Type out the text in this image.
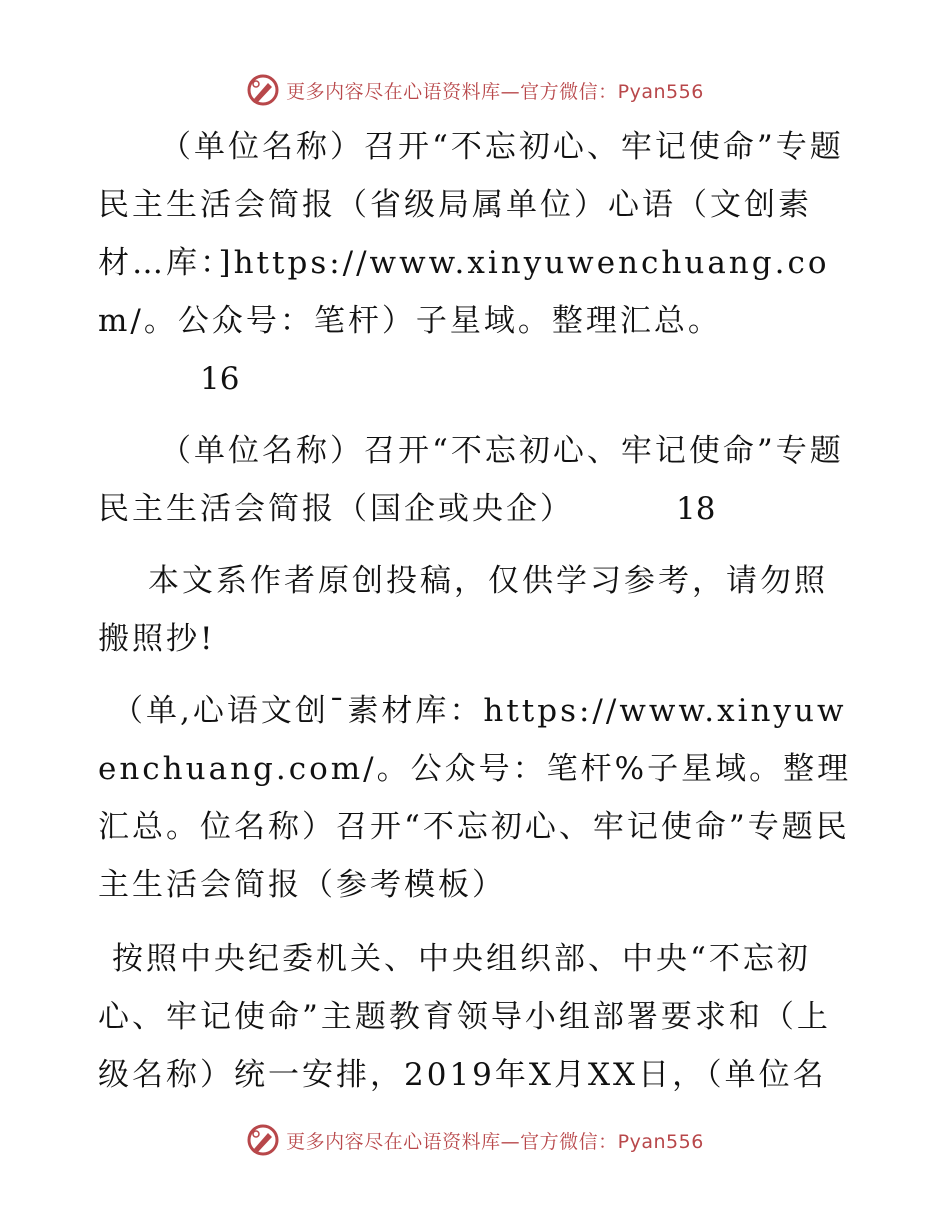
更多内容尽在心语资料库—官方微信：Pyan556

（单位名称）召开“不忘初心、牢记使命”专题民主生活会简报（省级局属单位）心语（文创素材…库：]https://www.xinyuwenchuang.com/。公众号：笔杆）子星域。整理汇总。16

（单位名称）召开“不忘初心、牢记使命”专题民主生活会简报（国企或央企）	18

本文系作者原创投稿，仅供学习参考，请勿照搬照抄!

（单,心语文创¯素材库：https://www.xinyuwenchuang.com/。公众号：笔杆%子星域。整理汇总。位名称）召开“不忘初心、牢记使命”专题民主生活会简报（参考模板）

按照中央纪委机关、中央组织部、中央“不忘初心、牢记使命”主题教育领导小组部署要求和（上级名称）统一安排，2019年X月XX日，（单位名

更多内容尽在心语资料库—官方微信：Pyan556
